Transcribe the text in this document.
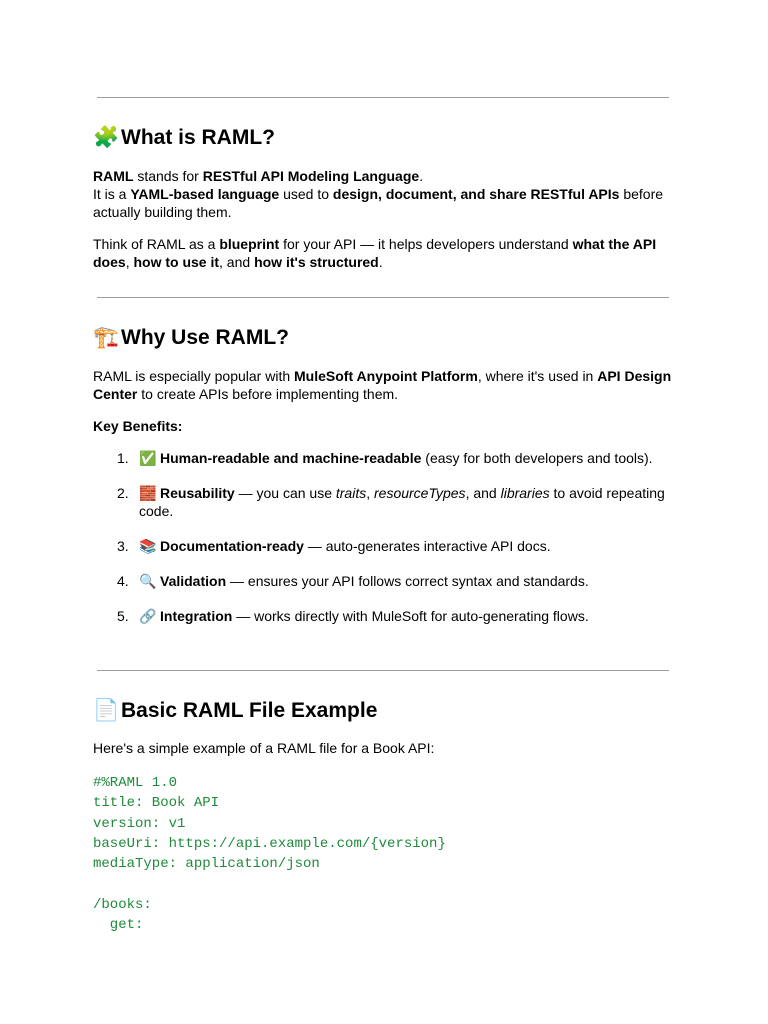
🧩What is RAML?

RAML stands for RESTful API Modeling Language.
It is a YAML-based language used to design, document, and share RESTful APIs before actually building them.

Think of RAML as a blueprint for your API — it helps developers understand what the API does, how to use it, and how it's structured.

🏗️Why Use RAML?

RAML is especially popular with MuleSoft Anypoint Platform, where it's used in API Design Center to create APIs before implementing them.

Key Benefits:

1. ✅ Human-readable and machine-readable (easy for both developers and tools).
2. 🧱 Reusability — you can use traits, resourceTypes, and libraries to avoid repeating code.
3. 📚 Documentation-ready — auto-generates interactive API docs.
4. 🔍 Validation — ensures your API follows correct syntax and standards.
5. 🔗 Integration — works directly with MuleSoft for auto-generating flows.
📄Basic RAML File Example

Here's a simple example of a RAML file for a Book API:

#%RAML 1.0
title: Book API
version: v1
baseUri: https://api.example.com/{version}
mediaType: application/json

/books:
get:
